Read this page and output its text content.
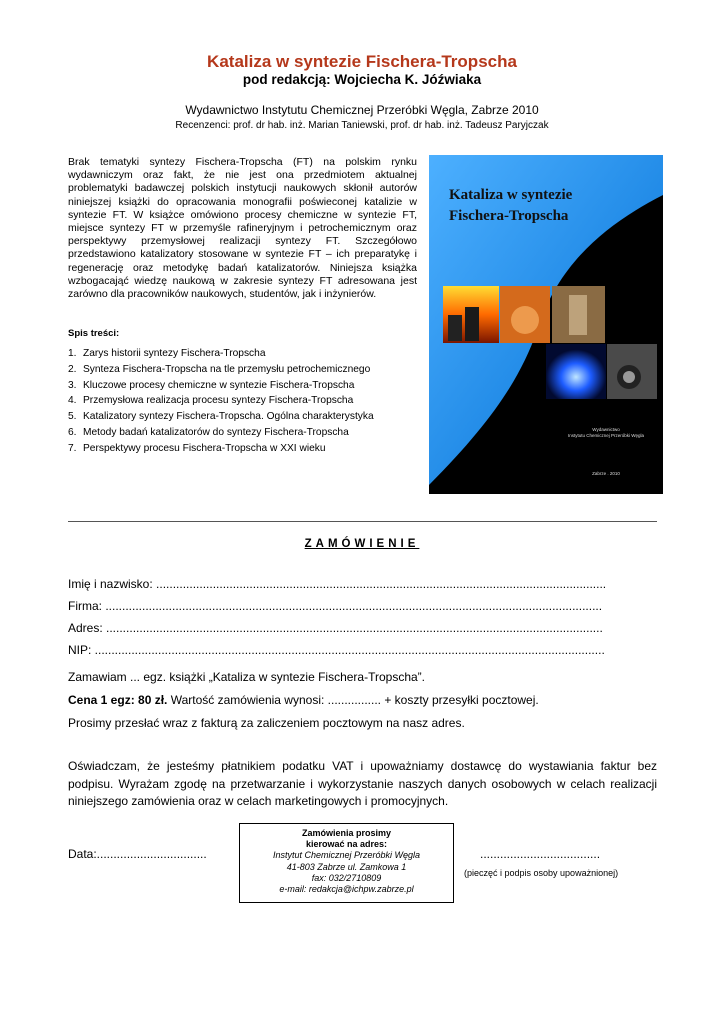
Kataliza w syntezie Fischera-Tropscha
pod redakcją: Wojciecha K. Jóźwiaka
Wydawnictwo Instytutu Chemicznej Przeróbki Węgla, Zabrze 2010
Recenzenci: prof. dr hab. inż. Marian Taniewski, prof. dr hab. inż. Tadeusz Paryjczak
Brak tematyki syntezy Fischera-Tropscha (FT) na polskim rynku wydawniczym oraz fakt, że nie jest ona przedmiotem aktualnej problematyki badawczej polskich instytucji naukowych skłonił autorów niniejszej książki do opracowania monografii poświeconej katalizie w syntezie FT. W książce omówiono procesy chemiczne w syntezie FT, miejsce syntezy FT w przemyśle rafineryjnym i petrochemicznym oraz perspektywy przemysłowej realizacji syntezy FT. Szczegółowo przedstawiono katalizatory stosowane w syntezie FT – ich preparatykę i regenerację oraz metodykę badań katalizatorów. Niniejsza książka wzbogacająć wiedzę naukową w zakresie syntezy FT adresowana jest zarówno dla pracowników naukowych, studentów, jak i inżynierów.
Spis treści:
1. Zarys historii syntezy Fischera-Tropscha
2. Synteza Fischera-Tropscha na tle przemysłu petrochemicznego
3. Kluczowe procesy chemiczne w syntezie Fischera-Tropscha
4. Przemysłowa realizacja procesu syntezy Fischera-Tropscha
5. Katalizatory syntezy Fischera-Tropscha. Ogólna charakterystyka
6. Metody badań katalizatorów do syntezy Fischera-Tropscha
7. Perspektywy procesu Fischera-Tropscha w XXI wieku
Kataliza w syntezie
Fischera-Tropscha
Wydawnictwo
Instytutu Chemicznej Przeróbki Węgla
Zabrze . 2010
ZAMÓWIENIE
Imię i nazwisko: .......................................................................................................................................
Firma: .....................................................................................................................................................
Adres: .....................................................................................................................................................
NIP: .........................................................................................................................................................
Zamawiam ... egz. książki „Kataliza w syntezie Fischera-Tropscha”.
Cena 1 egz: 80 zł. Wartość zamówienia wynosi: ................ + koszty przesyłki pocztowej.
Prosimy przesłać wraz z fakturą za zaliczeniem pocztowym na nasz adres.
Oświadczam, że jesteśmy płatnikiem podatku VAT i upoważniamy dostawcę do wystawiania faktur bez podpisu. Wyrażam zgodę na przetwarzanie i wykorzystanie naszych danych osobowych w celach realizacji niniejszego zamówienia oraz w celach marketingowych i promocyjnych.
Zamówienia prosimy
kierować na adres:
Instytut Chemicznej Przeróbki Węgla
41-803 Zabrze ul. Zamkowa 1
fax: 032/2710809
e-mail: redakcja@ichpw.zabrze.pl
Data:.................................	....................................
(pieczęć i podpis osoby upoważnionej)
